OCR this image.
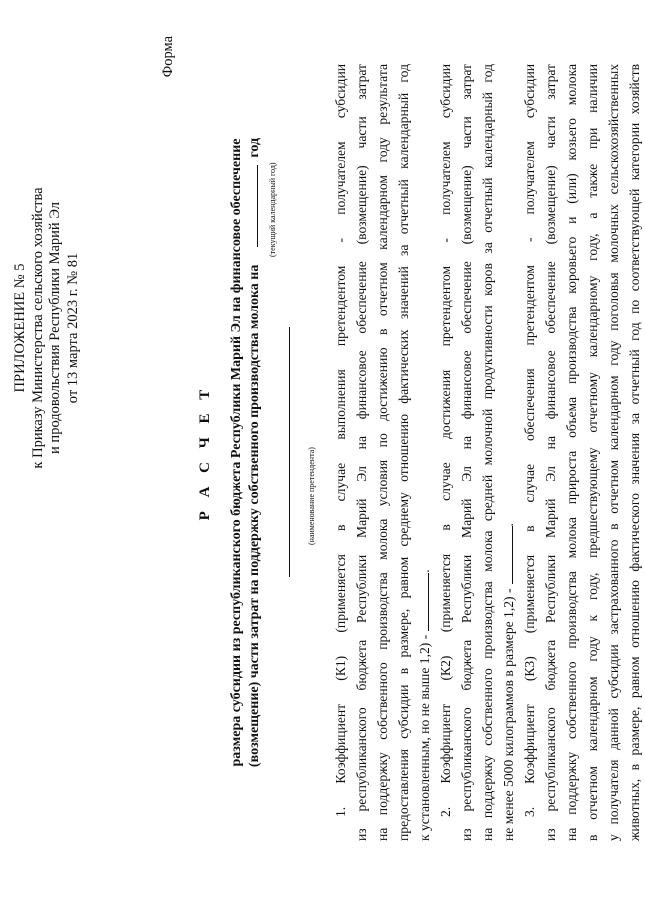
ПРИЛОЖЕНИЕ № 5 к Приказу Министерства сельского хозяйства и продовольствия Республики Марий Эл от 13 марта 2023 г. № 81
Форма
Р А С Ч Е Т размера субсидии из республиканского бюджета Республики Марий Эл на финансовое обеспечение (возмещение) части затрат на поддержку собственного производства молока на  год
(текущий календарный год)
(наименование претендента) 1. Коэффициент (К1) (применяется в случае выполнения претендентом - получателем субсидии из республиканского бюджета Республики Марий Эл на финансовое обеспечение (возмещение) части затрат на поддержку собственного производства молока условия по достижению в отчетном календарном году результата предоставления субсидии в размере, равном среднему отношению фактических значений за отчетный календарный год к установленным, но не выше 1,2) -. 2. Коэффициент (К2) (применяется в случае достижения претендентом - получателем субсидии из республиканского бюджета Республики Марий Эл на финансовое обеспечение (возмещение) части затрат на поддержку собственного производства молока средней молочной продуктивности коров за отчетный календарный год не менее 5000 килограммов в размере 1,2) -. 3. Коэффициент (К3) (применяется в случае обеспечения претендентом - получателем субсидии из республиканского бюджета Республики Марий Эл на финансовое обеспечение (возмещение) части затрат на поддержку собственного производства молока прироста объема производства коровьего и (или) козьего молока в отчетном календарном году к году, предшествующему отчетному календарному году, а также при наличии у получателя данной субсидии застрахованного в отчетном календарном году поголовья молочных сельскохозяйственных животных, в размере, равном отношению фактического значения за отчетный год по соответствующей категории хозяйств
